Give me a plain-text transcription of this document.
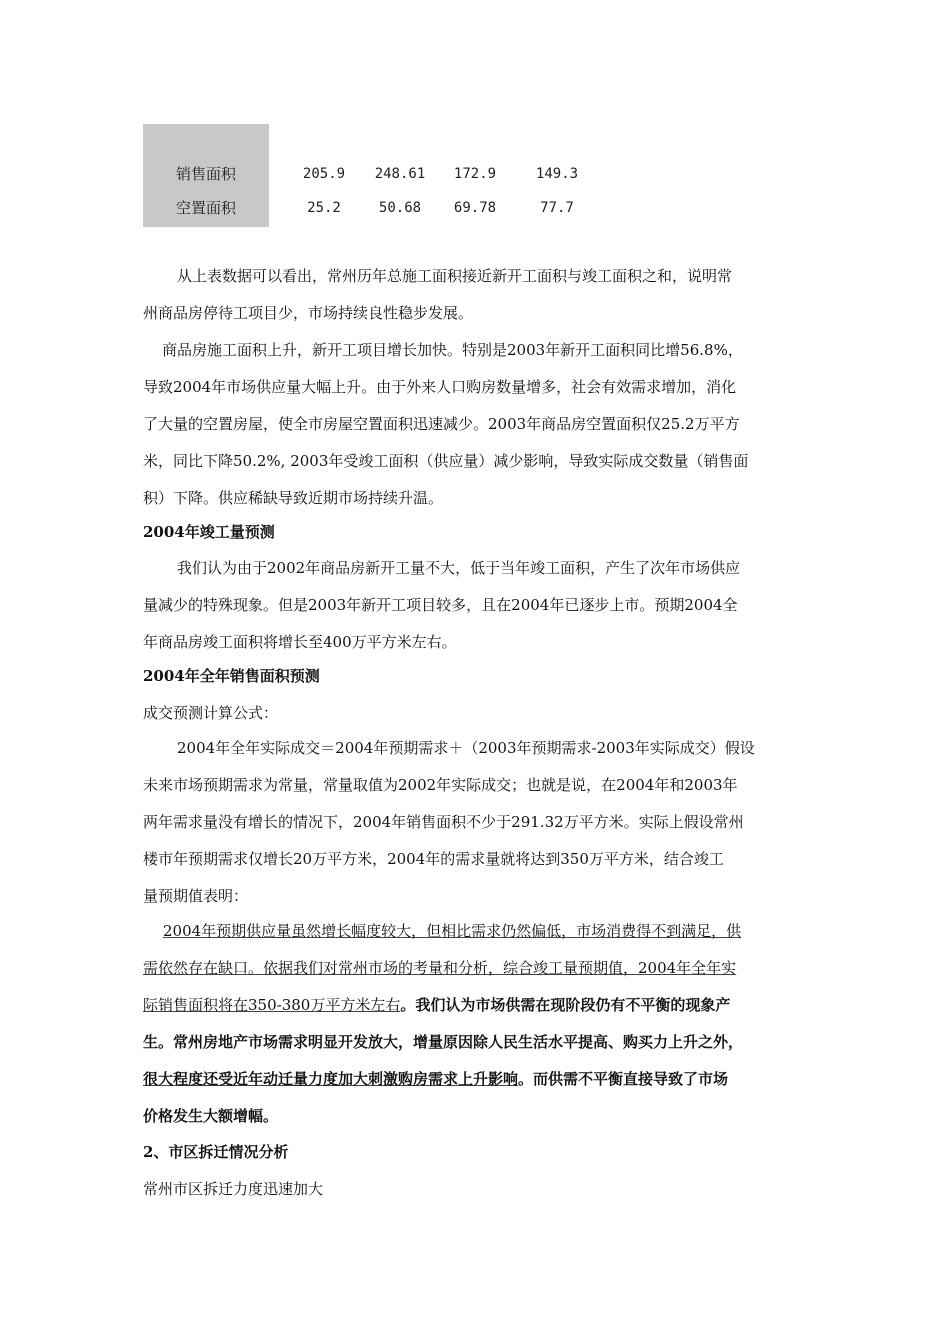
销售面积	205.9	248.61	172.9	149.3
空置面积	25.2	50.68	69.78	77.7
从上表数据可以看出，常州历年总施工面积接近新开工面积与竣工面积之和，说明常
州商品房停待工项目少，市场持续良性稳步发展。
商品房施工面积上升，新开工项目增长加快。特别是2003年新开工面积同比增56.8%，
导致2004年市场供应量大幅上升。由于外来人口购房数量增多，社会有效需求增加，消化
了大量的空置房屋，使全市房屋空置面积迅速减少。2003年商品房空置面积仅25.2万平方
米，同比下降50.2%, 2003年受竣工面积（供应量）减少影响，导致实际成交数量（销售面
积）下降。供应稀缺导致近期市场持续升温。
2004年竣工量预测
我们认为由于2002年商品房新开工量不大，低于当年竣工面积，产生了次年市场供应
量减少的特殊现象。但是2003年新开工项目较多，且在2004年已逐步上市。预期2004全
年商品房竣工面积将增长至400万平方米左右。
2004年全年销售面积预测
成交预测计算公式：
2004年全年实际成交＝2004年预期需求＋（2003年预期需求-2003年实际成交）假设
未来市场预期需求为常量，常量取值为2002年实际成交；也就是说，在2004年和2003年
两年需求量没有增长的情况下，2004年销售面积不少于291.32万平方米。实际上假设常州
楼市年预期需求仅增长20万平方米，2004年的需求量就将达到350万平方米，结合竣工
量预期值表明：
2004年预期供应量虽然增长幅度较大，但相比需求仍然偏低，市场消费得不到满足，供
需依然存在缺口。依据我们对常州市场的考量和分析，综合竣工量预期值，2004年全年实
际销售面积将在350-380万平方米左右。我们认为市场供需在现阶段仍有不平衡的现象产
生。常州房地产市场需求明显开发放大，增量原因除人民生活水平提高、购买力上升之外，
很大程度还受近年动迁量力度加大刺激购房需求上升影响。而供需不平衡直接导致了市场
价格发生大额增幅。
2、市区拆迁情况分析
常州市区拆迁力度迅速加大
